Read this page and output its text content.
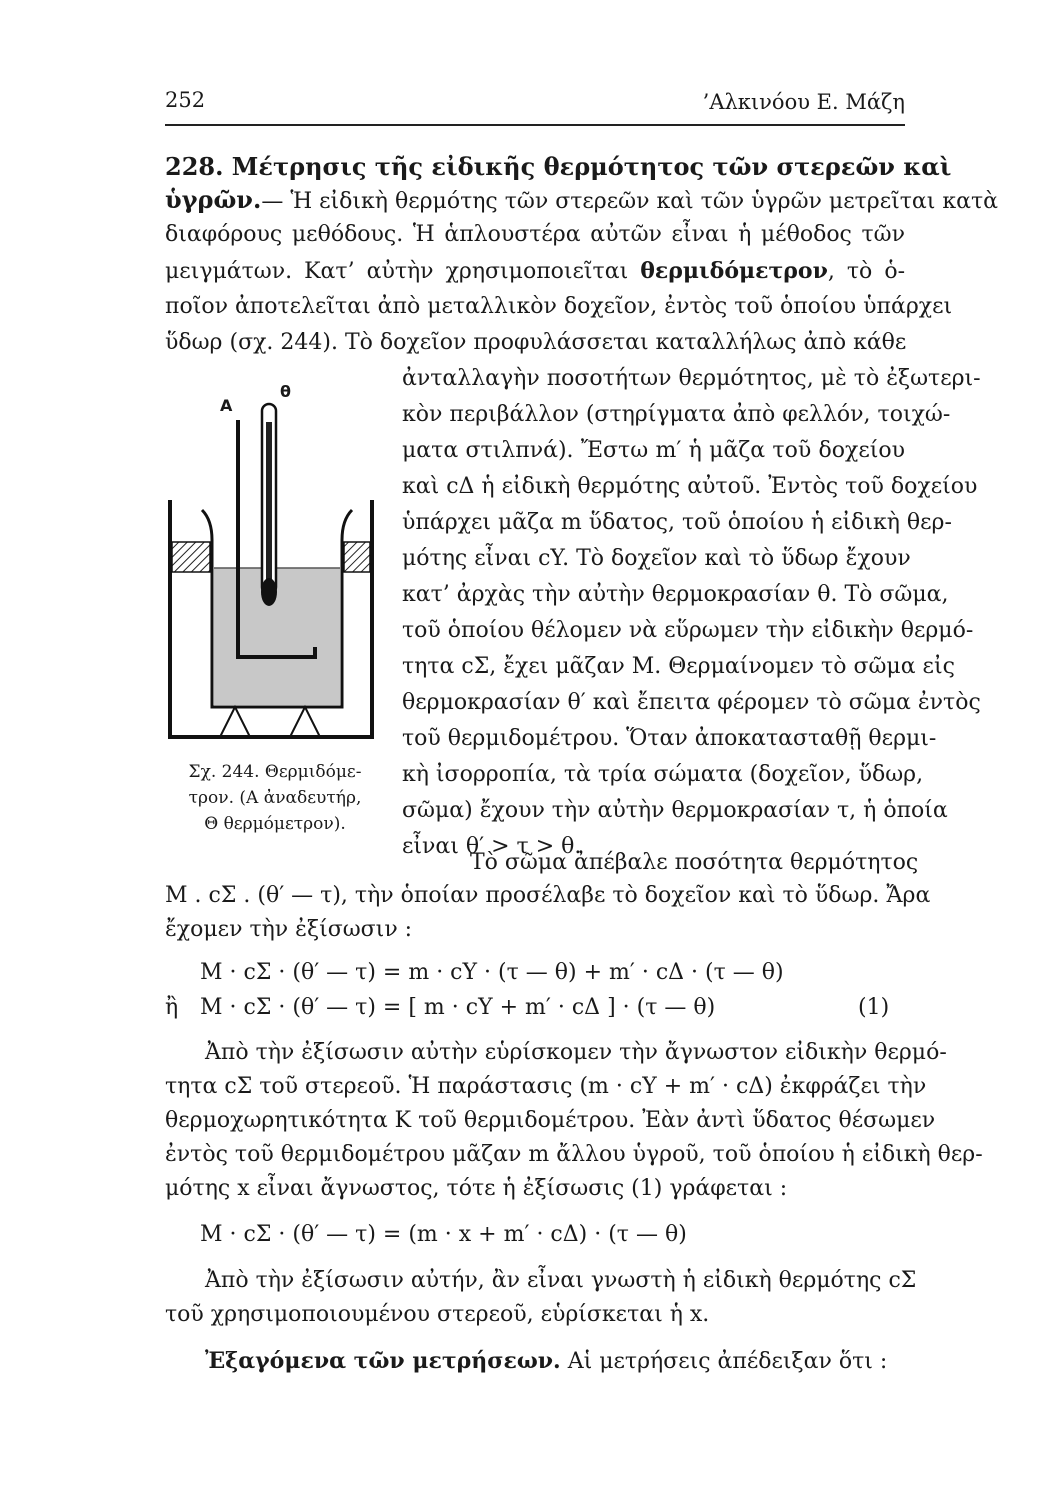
252	’Αλκινόου Ε. Μάζη
228. Μέτρησις τῆς εἰδικῆς θερμότητος τῶν στερεῶν καὶ
ὑγρῶν.— Ἡ εἰδικὴ θερμότης τῶν στερεῶν καὶ τῶν ὑγρῶν μετρεῖται κατὰ
διαφόρους μεθόδους. Ἡ ἁπλουστέρα αὐτῶν εἶναι ἡ μέθοδος τῶν
μειγμάτων. Κατ’ αὐτὴν χρησιμοποιεῖται θερμιδόμετρον, τὸ ὁ-
ποῖον ἀποτελεῖται ἀπὸ μεταλλικὸν δοχεῖον, ἐντὸς τοῦ ὁποίου ὑπάρχει
ὕδωρ (σχ. 244). Τὸ δοχεῖον προφυλάσσεται καταλλήλως ἀπὸ κάθε
ἀνταλλαγὴν ποσοτήτων θερμότητος, μὲ τὸ ἐξωτερι-
κὸν περιβάλλον (στηρίγματα ἀπὸ φελλόν, τοιχώ-
ματα στιλπνά). Ἔστω m′ ἡ μᾶζα τοῦ δοχείου
καὶ cΔ ἡ εἰδικὴ θερμότης αὐτοῦ. Ἐντὸς τοῦ δοχείου
ὑπάρχει μᾶζα m ὕδατος, τοῦ ὁποίου ἡ εἰδικὴ θερ-
μότης εἶναι cY. Τὸ δοχεῖον καὶ τὸ ὕδωρ ἔχουν
κατ’ ἀρχὰς τὴν αὐτὴν θερμοκρασίαν θ. Τὸ σῶμα,
τοῦ ὁποίου θέλομεν νὰ εὕρωμεν τὴν εἰδικὴν θερμό-
τητα cΣ, ἔχει μᾶζαν Μ. Θερμαίνομεν τὸ σῶμα εἰς
θερμοκρασίαν θ′ καὶ ἔπειτα φέρομεν τὸ σῶμα ἐντὸς
τοῦ θερμιδομέτρου. Ὅταν ἀποκατασταθῇ θερμι-
κὴ ἰσορροπία, τὰ τρία σώματα (δοχεῖον, ὕδωρ,
σῶμα) ἔχουν τὴν αὐτὴν θερμοκρασίαν τ, ἡ ὁποία
εἶναι θ′ > τ > θ.
Α
θ
Σχ. 244. Θερμιδόμε-
τρον. (Α ἀναδευτήρ,
Θ θερμόμετρον).
Τὸ σῶμα ἀπέβαλε ποσότητα θερμότητος
Μ . cΣ . (θ′ — τ), τὴν ὁποίαν προσέλαβε τὸ δοχεῖον καὶ τὸ ὕδωρ. Ἄρα
ἔχομεν τὴν ἐξίσωσιν :
Μ · cΣ · (θ′ — τ) = m · cY · (τ — θ) + m′ · cΔ · (τ — θ)
ἢ Μ · cΣ · (θ′ — τ) = [ m · cY + m′ · cΔ ] · (τ — θ)	(1)
Ἀπὸ τὴν ἐξίσωσιν αὐτὴν εὑρίσκομεν τὴν ἄγνωστον εἰδικὴν θερμό-
τητα cΣ τοῦ στερεοῦ. Ἡ παράστασις (m · cY + m′ · cΔ) ἐκφράζει τὴν
θερμοχωρητικότητα Κ τοῦ θερμιδομέτρου. Ἐὰν ἀντὶ ὕδατος θέσωμεν
ἐντὸς τοῦ θερμιδομέτρου μᾶζαν m ἄλλου ὑγροῦ, τοῦ ὁποίου ἡ εἰδικὴ θερ-
μότης x εἶναι ἄγνωστος, τότε ἡ ἐξίσωσις (1) γράφεται :
Μ · cΣ · (θ′ — τ) = (m · x + m′ · cΔ) · (τ — θ)
Ἀπὸ τὴν ἐξίσωσιν αὐτήν, ἂν εἶναι γνωστὴ ἡ εἰδικὴ θερμότης cΣ
τοῦ χρησιμοποιουμένου στερεοῦ, εὑρίσκεται ἡ x.
Ἐξαγόμενα τῶν μετρήσεων. Αἱ μετρήσεις ἀπέδειξαν ὅτι :
